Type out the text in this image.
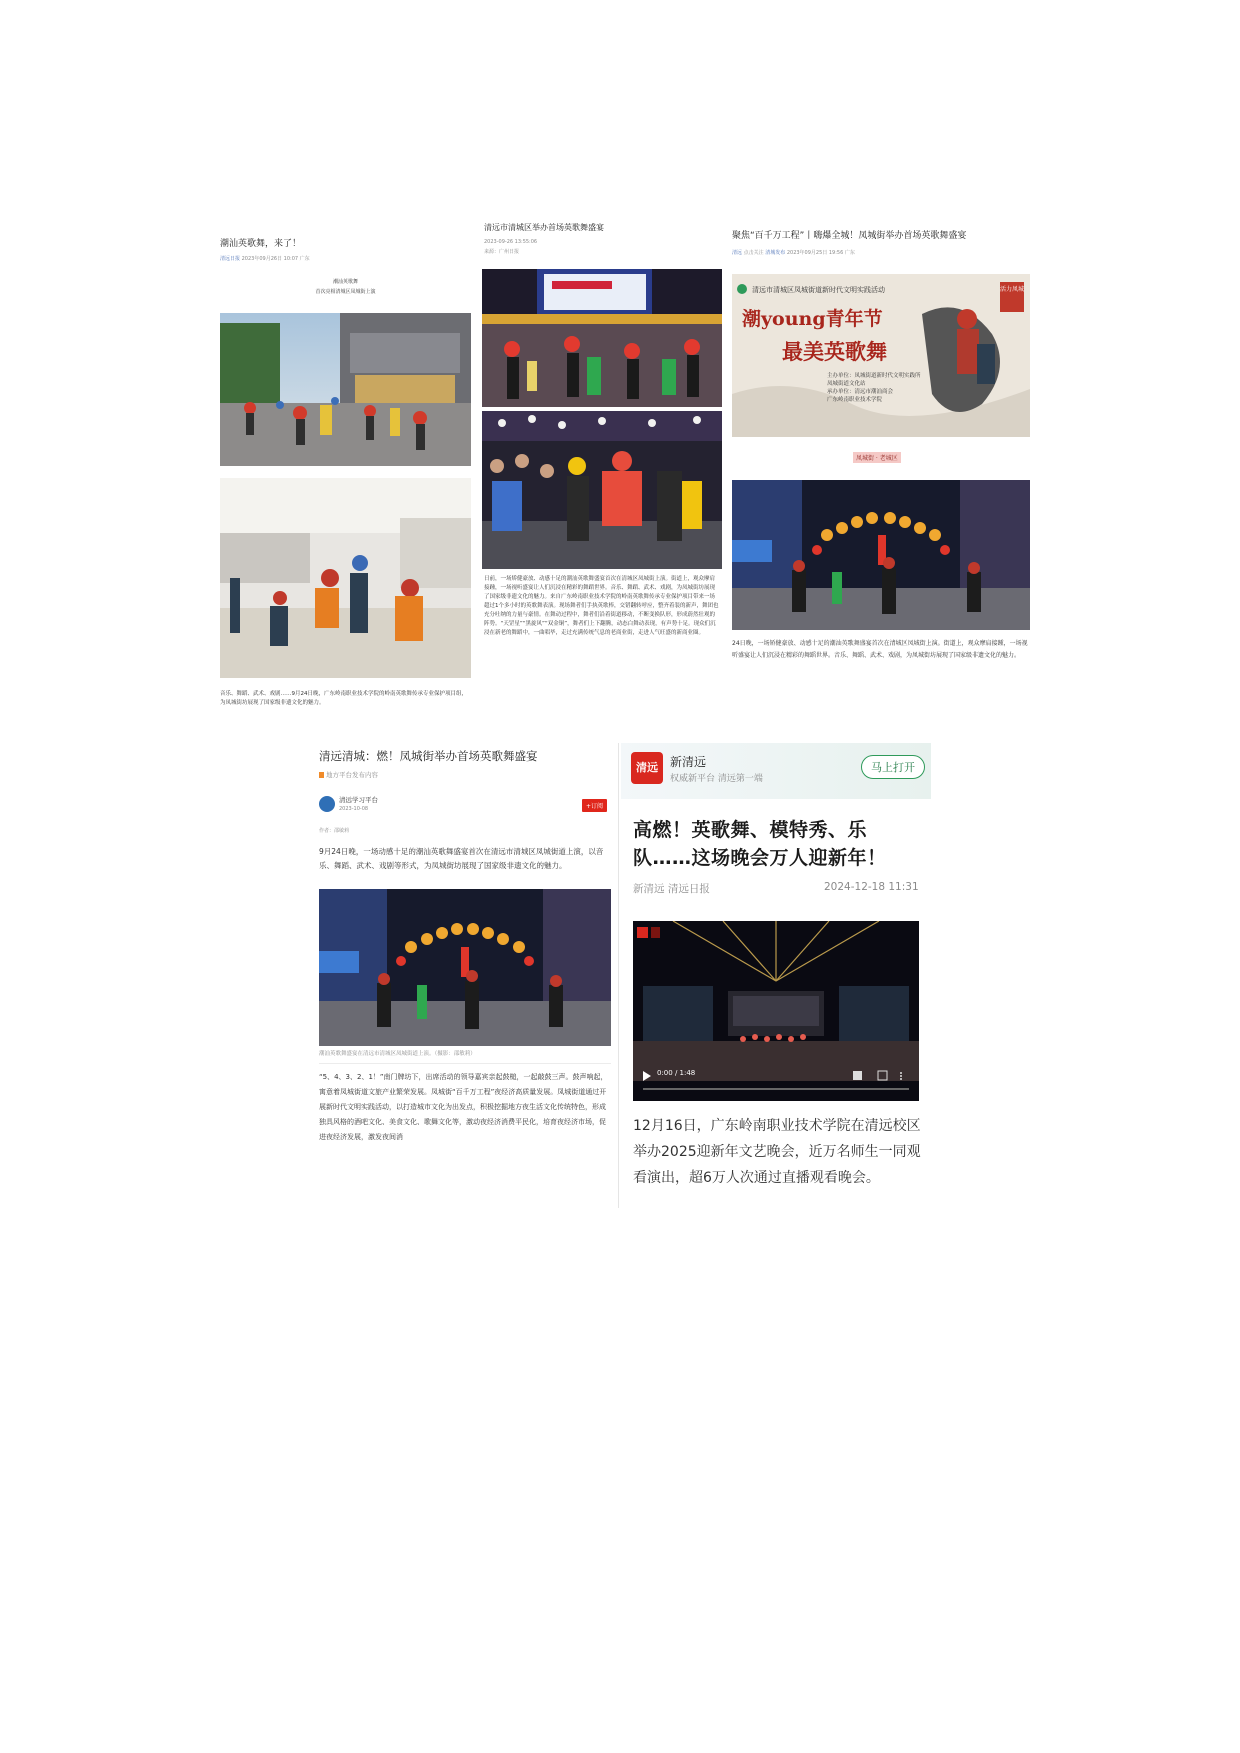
潮汕英歌舞，来了！
清远日报 2023年09月26日 10:07 广东
潮汕英歌舞
首次亮相清城区凤城街上演
音乐、舞蹈、武术、戏剧……9月24日晚，广东岭南职业技术学院的岭南英歌舞传承专业保护项目组，为凤城街坊展现了国家级非遗文化的魅力。
清远市清城区举办首场英歌舞盛宴
2023-09-26 13:55:06
来源：广州日报
日前，一场矫健豪放、动感十足的潮汕英歌舞盛宴首次在清城区凤城街上演。街道上，观众摩肩接踵，一场视听盛宴让人们沉浸在精彩的舞蹈世界。音乐、舞蹈、武术、戏剧，为凤城街坊展现了国家级非遗文化的魅力。来自广东岭南职业技术学院的岭南英歌舞传承专业保护项目带来一场超过1个多小时的英歌舞表演。现场舞者们手执英歌棒，交错翻转呼应，整齐着装的新声，舞团也充分吐纳的力量与豪情。在舞动过程中，舞者们沿着街道移动，不断变换队形，形成蔚然壮观的阵势。“天罡星”“黑旋风”“双金铜”，舞者们上下翻腾，动态白舞动表现，有声势十足。现众们沉浸在新老的舞蹈中，一曲唱毕，走过充满传统气息的老商业街，走进人气旺盛的新商业圈。
聚焦“百千万工程”丨嗨爆全城！凤城街举办首场英歌舞盛宴
清远 点击关注 清城发布 2023年09月25日 19:56 广东
清远市清城区凤城街道新时代文明实践活动
潮young青年节
最美英歌舞
主办单位：凤城街道新时代文明实践所
凤城街道文化站
承办单位：清远市潮汕商会
广东岭南职业技术学院
活力凤城
凤城街 · 老城区
24日晚，一场矫健豪放、动感十足的潮汕英歌舞盛宴首次在清城区凤城街上演。街道上，观众摩肩接踵，一场视听盛宴让人们沉浸在精彩的舞蹈世界。音乐、舞蹈、武术、戏剧，为凤城街坊展现了国家级非遗文化的魅力。
清远清城：燃！凤城街举办首场英歌舞盛宴
地方平台发布内容
清远学习平台
2023-10-08	+订阅
作者：邵敏莉
9月24日晚，一场动感十足的潮汕英歌舞盛宴首次在清远市清城区凤城街道上演，以音乐、舞蹈、武术、戏剧等形式，为凤城街坊展现了国家级非遗文化的魅力。
潮汕英歌舞盛宴在清远市清城区凤城街道上演。（摄影：邵敏莉）
“5、4、3、2、1！”南门牌坊下，出席活动的领导嘉宾亲起鼓槌，一起敲鼓三声。鼓声响起，寓意着凤城街道文旅产业繁荣发展。凤城街“百千万工程”夜经济高质量发展。凤城街道通过开展新时代文明实践活动，以打造城市文化为出发点，积极挖掘地方夜生活文化传统特色，形成独具风格的酒吧文化、美食文化、歌舞文化等，激动夜经济消费平民化，培育夜经济市场，促进夜经济发展，激发夜间消
清远	新清远
权威新平台 清远第一端
马上打开
高燃！英歌舞、模特秀、乐队……这场晚会万人迎新年！
新清远 清远日报	2024-12-18 11:31
0:00 / 1:48
12月16日，广东岭南职业技术学院在清远校区举办2025迎新年文艺晚会，近万名师生一同观看演出，超6万人次通过直播观看晚会。
